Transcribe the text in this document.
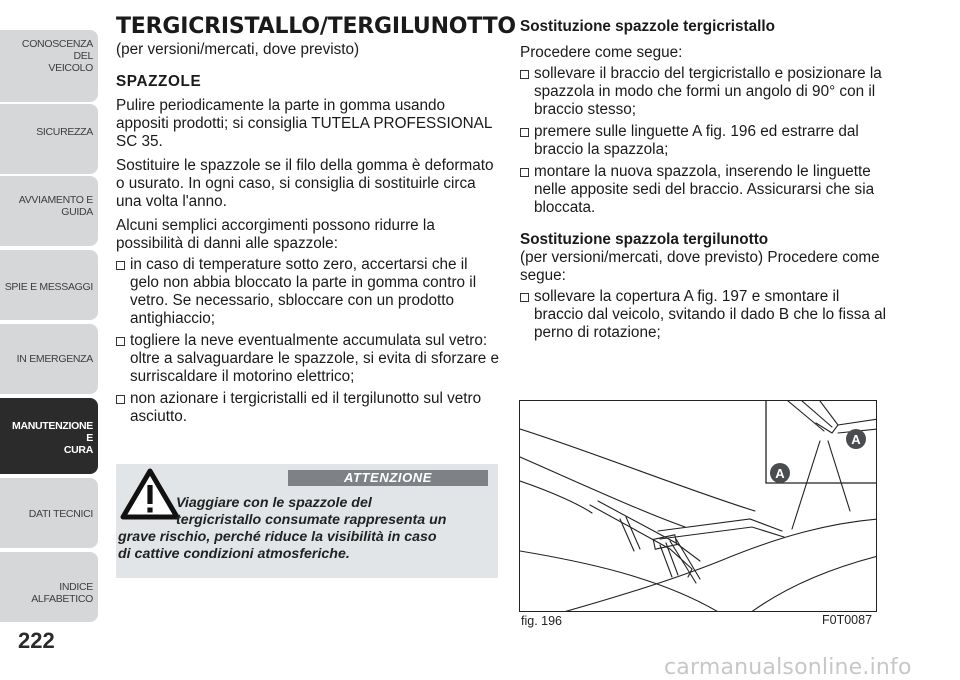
CONOSCENZA DEL
VEICOLO
SICUREZZA
AVVIAMENTO E
GUIDA
SPIE E MESSAGGI
IN EMERGENZA
MANUTENZIONE E
CURA
DATI TECNICI
INDICE ALFABETICO
222
TERGICRISTALLO/TERGILUNOTTO

(per versioni/mercati, dove previsto)

SPAZZOLE

Pulire periodicamente la parte in gomma usando appositi prodotti; si consiglia TUTELA PROFESSIONAL SC 35.

Sostituire le spazzole se il filo della gomma è deformato o usurato. In ogni caso, si consiglia di sostituirle circa una volta l'anno.

Alcuni semplici accorgimenti possono ridurre la possibilità di danni alle spazzole:

in caso di temperature sotto zero, accertarsi che il gelo non abbia bloccato la parte in gomma contro il vetro. Se necessario, sbloccare con un prodotto antighiaccio;
togliere la neve eventualmente accumulata sul vetro: oltre a salvaguardare le spazzole, si evita di sforzare e surriscaldare il motorino elettrico;
non azionare i tergicristalli ed il tergilunotto sul vetro asciutto.
ATTENZIONE
Viaggiare con le spazzole del
tergicristallo consumate rappresenta un
grave rischio, perché riduce la visibilità in caso
di cattive condizioni atmosferiche.
Sostituzione spazzole tergicristallo

Procedere come segue:

sollevare il braccio del tergicristallo e posizionare la spazzola in modo che formi un angolo di 90° con il braccio stesso;
premere sulle linguette A fig. 196 ed estrarre dal braccio la spazzola;
montare la nuova spazzola, inserendo le linguette nelle apposite sedi del braccio. Assicurarsi che sia bloccata.
Sostituzione spazzola tergilunotto

(per versioni/mercati, dove previsto) Procedere come segue:

sollevare la copertura A fig. 197 e smontare il braccio dal veicolo, svitando il dado B che lo fissa al perno di rotazione;
A
A
fig. 196	F0T0087
carmanualsonline.info
